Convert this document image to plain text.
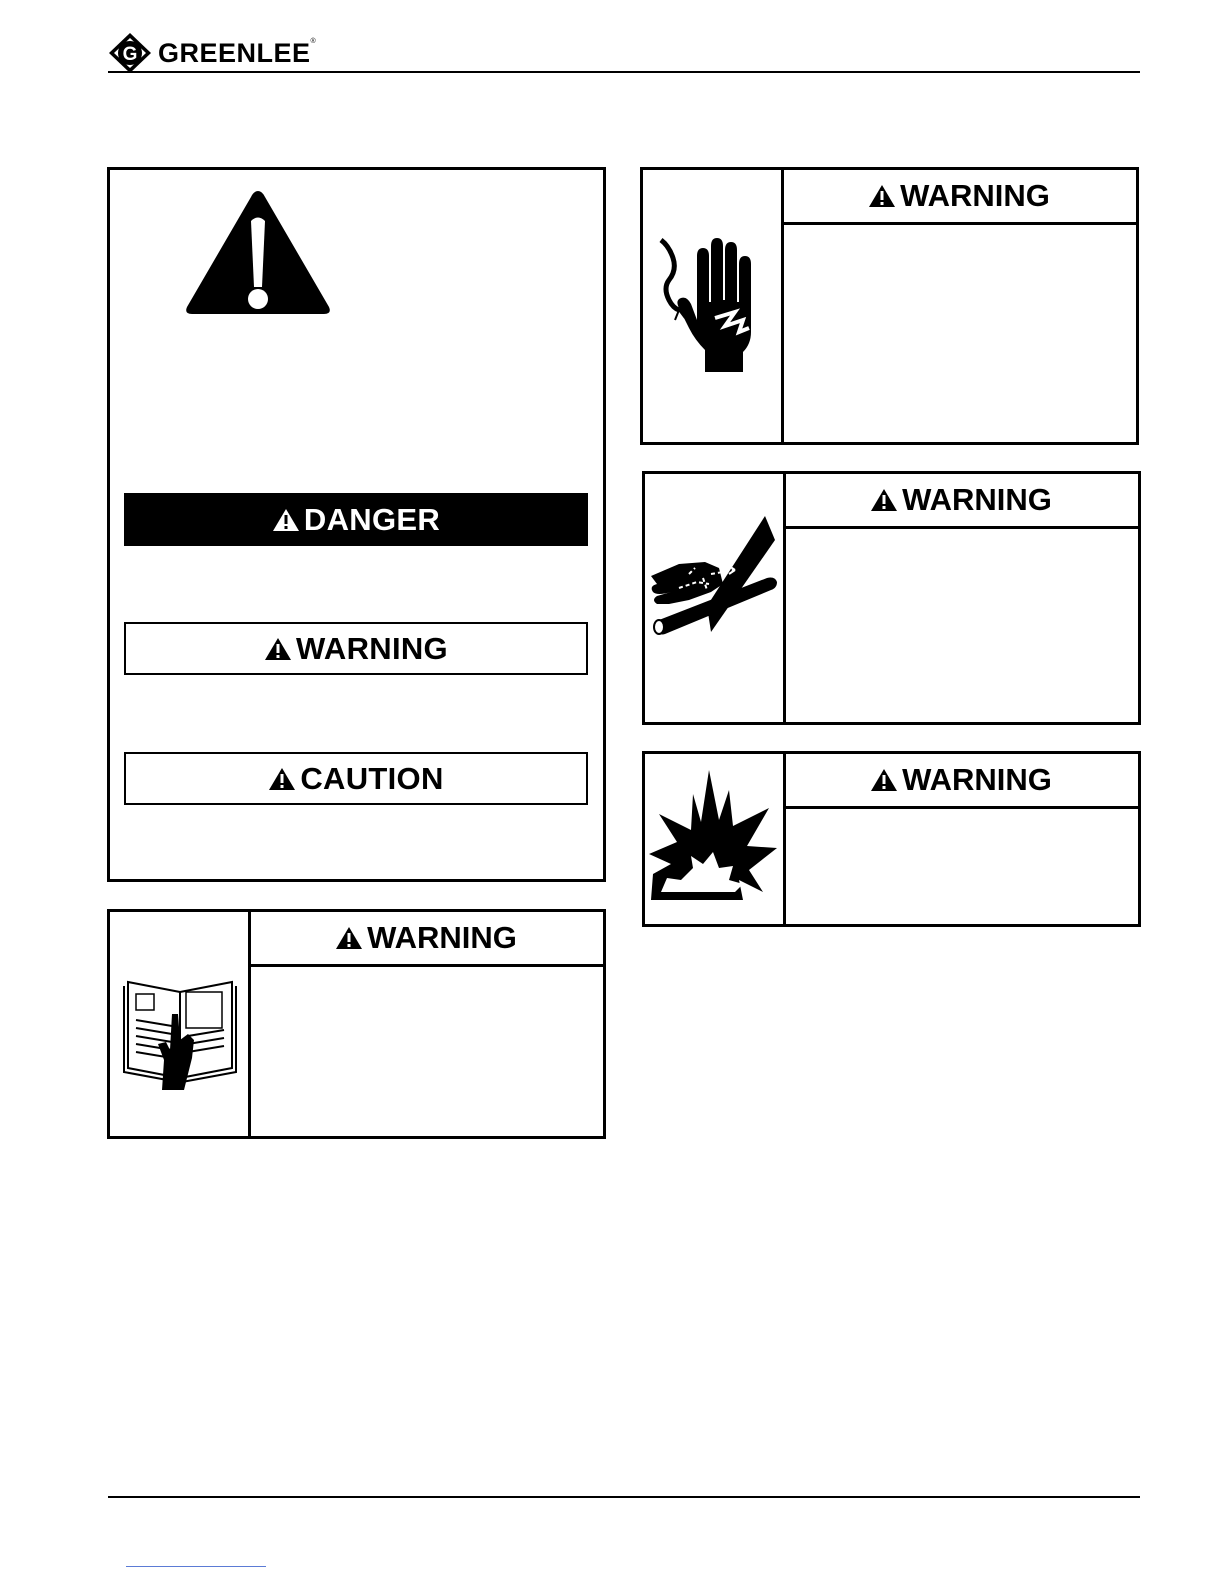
G GREENLEE ®
DANGER
WARNING
CAUTION
WARNING
WARNING
WARNING
WARNING
